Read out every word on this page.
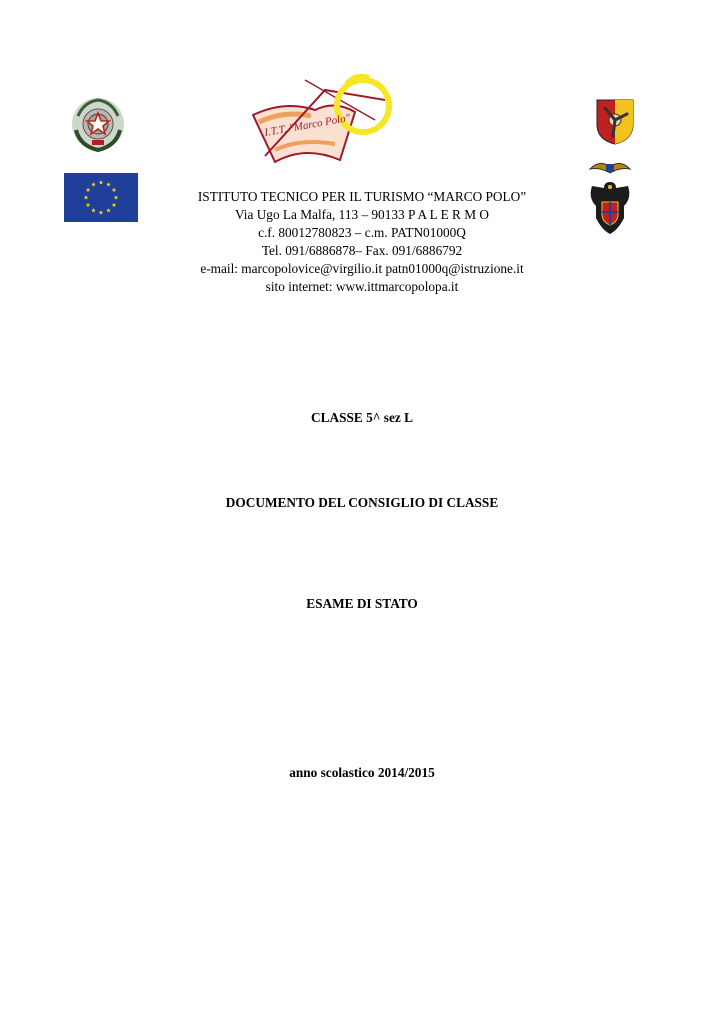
I.T.T. "Marco Polo"
ISTITUTO TECNICO PER IL TURISMO “MARCO POLO”
Via Ugo La Malfa, 113 – 90133 P A L E R M O
c.f. 80012780823 – c.m. PATN01000Q
Tel. 091/6886878– Fax. 091/6886792
e-mail: marcopolovice@virgilio.it patn01000q@istruzione.it
sito internet: www.ittmarcopolopa.it
CLASSE 5^ sez L
DOCUMENTO DEL CONSIGLIO DI CLASSE
ESAME DI STATO
anno scolastico 2014/2015
